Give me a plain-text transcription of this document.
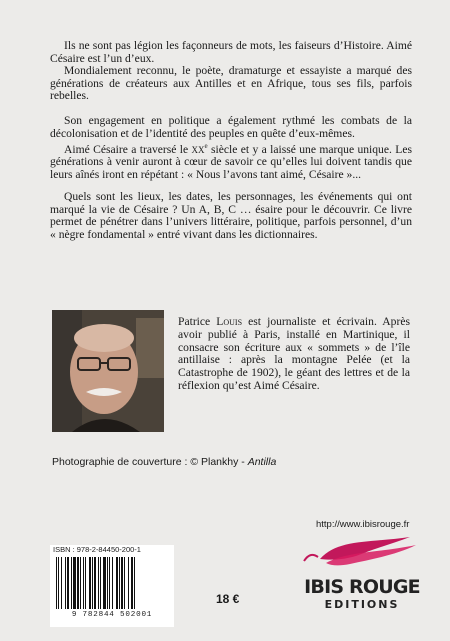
Ils ne sont pas légion les façonneurs de mots, les faiseurs d’Histoire. Aimé Césaire est l’un d’eux.

Mondialement reconnu, le poète, dramaturge et essayiste a marqué des générations de créateurs aux Antilles et en Afrique, tous ses fils, parfois rebelles.

Son engagement en politique a également rythmé les combats de la décolonisation et de l’identité des peuples en quête d’eux-mêmes.

Aimé Césaire a traversé le XXe siècle et y a laissé une marque unique. Les générations à venir auront à cœur de savoir ce qu’elles lui doivent tandis que leurs aînés iront en répétant : « Nous l’avons tant aimé, Césaire »...

Quels sont les lieux, les dates, les personnages, les événements qui ont marqué la vie de Césaire ? Un A, B, C … ésaire pour le découvrir. Ce livre permet de pénétrer dans l’univers littéraire, politique, parfois personnel, d’un « nègre fondamental » entré vivant dans les dictionnaires.

Patrice Louis est journaliste et écrivain. Après avoir publié à Paris, installé en Martinique, il consacre son écriture aux « sommets » de l’île antillaise : après la montagne Pelée (et la Catastrophe de 1902), le géant des lettres et de la réflexion qu’est Aimé Césaire.

Photographie de couverture : © Plankhy - Antilla

http://www.ibisrouge.fr
ISBN : 978-2-84450-200-1
9 782844 502001
18 €
IBIS ROUGE
EDITIONS
